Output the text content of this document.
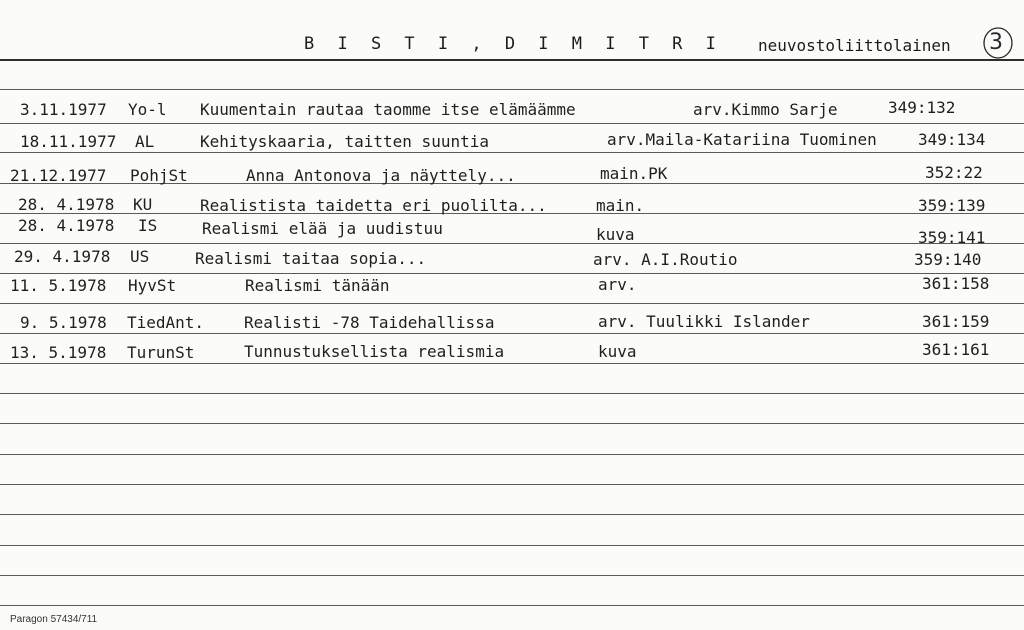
B I S T I , D I M I T R I neuvostoliittolainen 3
3.11.1977 Yo-l Kuumentain rautaa taomme itse elämäämme	arv.Kimmo Sarje	349:132
18.11.1977 AL	Kehityskaaria, taitten suuntia	arv.Maila-Katariina Tuominen	349:134
21.12.1977 PohjSt	Anna Antonova ja näyttely...	main.PK	352:22
28. 4.1978 KU	Realistista taidetta eri puolilta...	main.	359:139
28. 4.1978 IS	Realismi elää ja uudistuu	kuva	359:141
29. 4.1978 US	Realismi taitaa sopia...	arv. A.I.Routio	359:140
11. 5.1978 HyvSt	Realismi tänään	arv.	361:158
9. 5.1978 TiedAnt. Realisti -78 Taidehallissa	arv. Tuulikki Islander	361:159
13. 5.1978 TurunSt	Tunnustuksellista realismia	kuva	361:161
Paragon 57434/711
